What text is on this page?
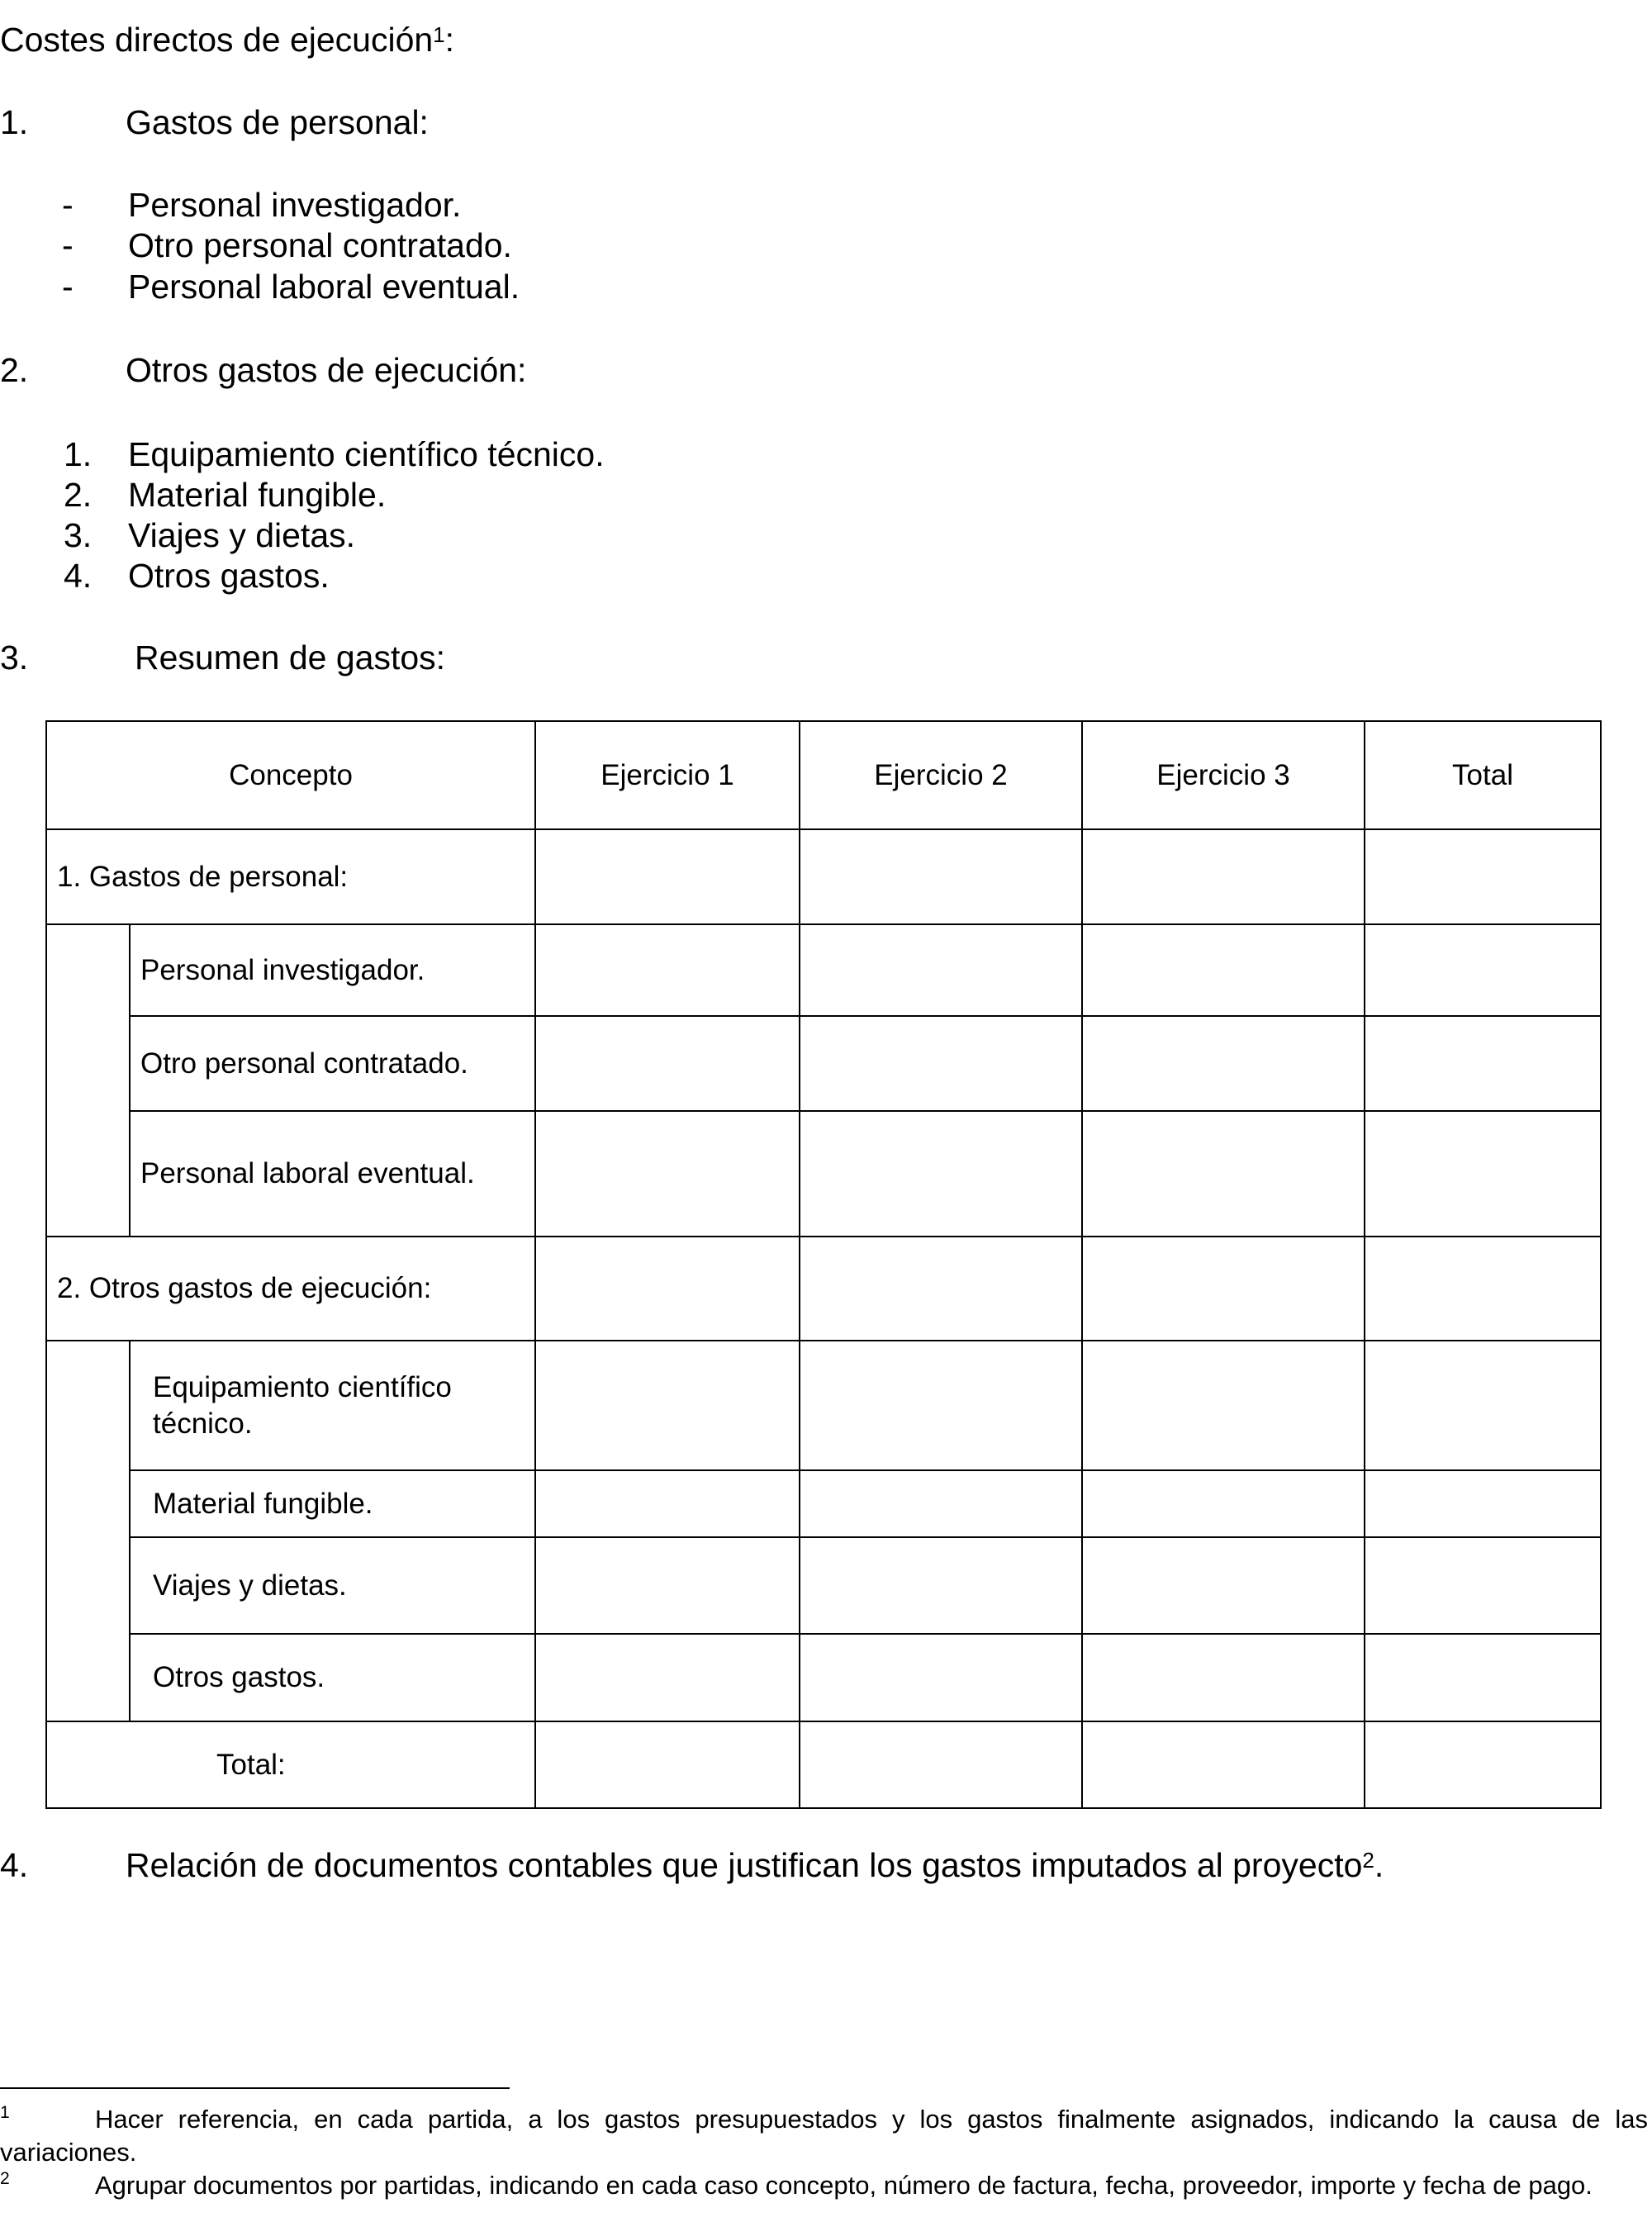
Costes directos de ejecución$^1$:
1.	Gastos de personal:
- Personal investigador.
- Otro personal contratado.
- Personal laboral eventual.
2.	Otros gastos de ejecución:
1. Equipamiento científico técnico.
2. Material fungible.
3. Viajes y dietas.
4. Otros gastos.
3.	Resumen de gastos:
Concepto		Ejercicio 1	Ejercicio 2	Ejercicio 3	Total
1. Gastos de personal:					
	Personal investigador.				
	Otro personal contratado.				
	Personal laboral eventual.				
2. Otros gastos de ejecución:					
	Equipamiento científico técnico.				
	Material fungible.				
	Viajes y dietas.				
	Otros gastos.				
Total:					
4.	Relación de documentos contables que justifican los gastos imputados al proyecto$^2$.
1	Hacer referencia, en cada partida, a los gastos presupuestados y los gastos finalmente asignados, indicando la causa de las variaciones.
2	Agrupar documentos por partidas, indicando en cada caso concepto, número de factura, fecha, proveedor, importe y fecha de pago.
